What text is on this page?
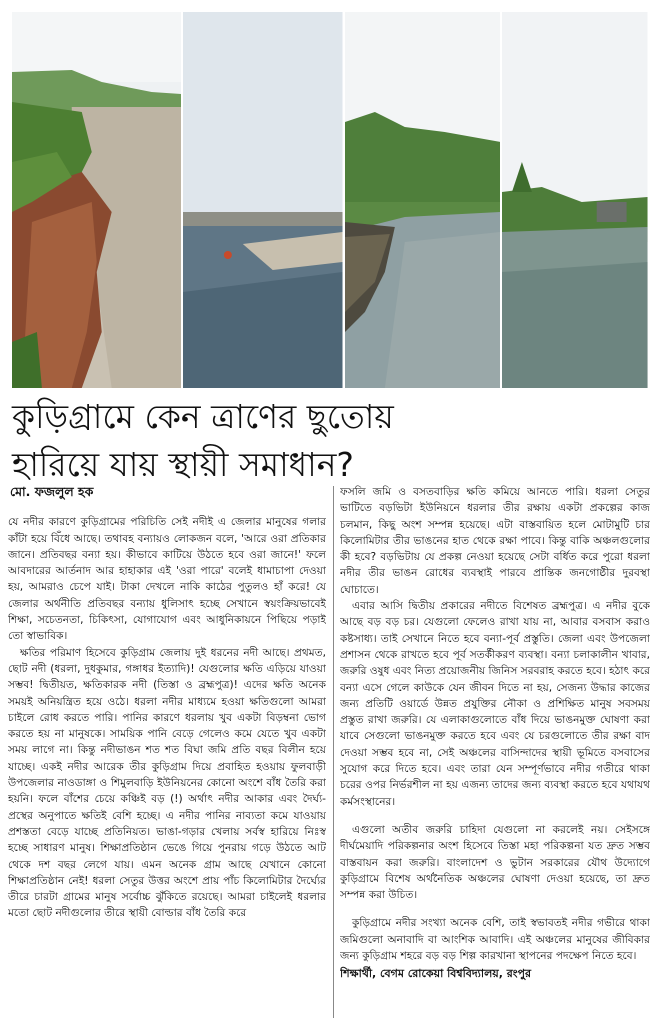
কুড়িগ্রামে কেন ত্রাণের ছুতোয়
হারিয়ে যায় স্থায়ী সমাধান?
মো. ফজলুল হক

যে নদীর কারণে কুড়িগ্রামের পরিচিতি সেই নদীই এ জেলার মানুষের গলার কাঁটা হয়ে বিঁধে আছে। তথাবহ বন্যায়ও লোকজন বলে, 'আরে ওরা প্রতিকার জানে। প্রতিবছর বন্যা হয়। কীভাবে কাটিয়ে উঠতে হবে ওরা জানে!' ফলে আবদারের আর্তনাদ আর হাহাকার এই 'ওরা পারে' বলেই ধামাচাপা দেওয়া হয়, আমরাও চেপে যাই। টাকা দেখলে নাকি কাঠের পুতুলও হাঁ করে! যে জেলার অর্থনীতি প্রতিবছর বন্যায় ধুলিসাৎ হচ্ছে সেখানে স্বয়ংক্রিয়ভাবেই শিক্ষা, সচেতনতা, চিকিৎসা, যোগাযোগ এবং আধুনিকায়নে পিছিয়ে পড়াই তো স্বাভাবিক।

ক্ষতির পরিমাণ হিসেবে কুড়িগ্রাম জেলায় দুই ধরনের নদী আছে। প্রথমত, ছোট নদী (ধরলা, দুধকুমার, গঙ্গাধর ইত্যাদি)! যেগুলোর ক্ষতি এড়িয়ে যাওয়া সম্ভব! দ্বিতীয়ত, ক্ষতিকারক নদী (তিস্তা ও ব্রহ্মপুত্র)! এদের ক্ষতি অনেক সময়ই অনিয়ন্ত্রিত হয়ে ওঠে। ধরলা নদীর মাধ্যমে হওয়া ক্ষতিগুলো আমরা চাইলে রোধ করতে পারি। পানির কারণে ধরলায় খুব একটা বিড়ম্বনা ভোগ করতে হয় না মানুষকে। সাময়িক পানি বেড়ে গেলেও কমে যেতে খুব একটা সময় লাগে না। কিন্তু নদীভাঙন শত শত বিঘা জমি প্রতি বছর বিলীন হয়ে যাচ্ছে। একই নদীর আরেক তীর কুড়িগ্রাম দিয়ে প্রবাহিত হওয়ায় ফুলবাড়ী উপজেলার নাওডাঙ্গা ও শিমুলবাড়ি ইউনিয়নের কোনো অংশে বাঁধ তৈরি করা হয়নি। ফলে বাঁশের চেয়ে কঞ্চিই বড় (!) অর্থাৎ নদীর আকার এবং দৈর্ঘ্য-প্রস্থের অনুপাতে ক্ষতিই বেশি হচ্ছে। এ নদীর পানির নাব্যতা কমে যাওয়ায় প্রশস্ততা বেড়ে যাচ্ছে প্রতিনিয়ত। ভাঙা-গড়ার খেলায় সর্বস্ব হারিয়ে নিঃস্ব হচ্ছে সাধারণ মানুষ। শিক্ষাপ্রতিষ্ঠান ভেঙে গিয়ে পুনরায় গড়ে উঠতে আট থেকে দশ বছর লেগে যায়। এমন অনেক গ্রাম আছে যেখানে কোনো শিক্ষাপ্রতিষ্ঠান নেই! ধরলা সেতুর উত্তর অংশে প্রায় পাঁচ কিলোমিটার দৈর্ঘ্যের তীরে চারটা গ্রামের মানুষ সর্বোচ্চ ঝুঁকিতে রয়েছে। আমরা চাইলেই ধরলার মতো ছোট নদীগুলোর তীরে স্থায়ী বোল্ডার বাঁধ তৈরি করে

ফসলি জমি ও বসতবাড়ির ক্ষতি কমিয়ে আনতে পারি। ধরলা সেতুর ভাটিতে বড়ভিটা ইউনিয়নে ধরলার তীর রক্ষায় একটা প্রকল্পের কাজ চলমান, কিছু অংশ সম্পন্ন হয়েছে। এটা বাস্তবায়িত হলে মোটামুটি চার কিলোমিটার তীর ভাঙনের হাত থেকে রক্ষা পাবে। কিন্তু বাকি অঞ্চলগুলোর কী হবে? বড়ভিটায় যে প্রকল্প নেওয়া হয়েছে সেটা বর্ধিত করে পুরো ধরলা নদীর তীর ভাঙন রোধের ব্যবস্থাই পারবে প্রান্তিক জনগোষ্ঠীর দুরবস্থা ঘোচাতে।

এবার আসি দ্বিতীয় প্রকারের নদীতে বিশেষত ব্রহ্মপুত্র। এ নদীর বুকে আছে বড় বড় চর। যেগুলো ফেলেও রাখা যায় না, আবার বসবাস করাও কষ্টসাধ্য। তাই সেখানে নিতে হবে বন্যা-পূর্ব প্রস্তুতি। জেলা এবং উপজেলা প্রশাসন থেকে রাখতে হবে পূর্ব সতর্কীকরণ ব্যবস্থা। বন্যা চলাকালীন খাবার, জরুরি ওষুধ এবং নিত্য প্রয়োজনীয় জিনিস সরবরাহ করতে হবে। হঠাৎ করে বন্যা এসে গেলে কাউকে যেন জীবন দিতে না হয়, সেজন্য উদ্ধার কাজের জন্য প্রতিটি ওয়ার্ডে উন্নত প্রযুক্তির নৌকা ও প্রশিক্ষিত মানুষ সবসময় প্রস্তুত রাখা জরুরি। যে এলাকাগুলোতে বাঁধ দিয়ে ভাঙনমুক্ত ঘোষণা করা যাবে সেগুলো ভাঙনমুক্ত করতে হবে এবং যে চরগুলোতে তীর রক্ষা বাদ দেওয়া সম্ভব হবে না, সেই অঞ্চলের বাসিন্দাদের স্থায়ী ভূমিতে বসবাসের সুযোগ করে দিতে হবে। এবং তারা যেন সম্পূর্ণভাবে নদীর গতীরে থাকা চরের ওপর নির্ভরশীল না হয় এজন্য তাদের জন্য ব্যবস্থা করতে হবে যথাযথ কর্মসংস্থানের।

এগুলো অতীব জরুরি চাহিদা যেগুলো না করলেই নয়। সেইসঙ্গে দীর্ঘমেয়াদি পরিকল্পনার অংশ হিসেবে তিস্তা মহা পরিকল্পনা যত দ্রুত সম্ভব বাস্তবায়ন করা জরুরি। বাংলাদেশ ও ভুটান সরকারের যৌথ উদ্যোগে কুড়িগ্রামে বিশেষ অর্থনৈতিক অঞ্চলের ঘোষণা দেওয়া হয়েছে, তা দ্রুত সম্পন্ন করা উচিত।

কুড়িগ্রামে নদীর সংখ্যা অনেক বেশি, তাই স্বভাবতই নদীর গভীরে থাকা জমিগুলো অনাবাদি বা আংশিক আবাদি। এই অঞ্চলের মানুষের জীবিকার জন্য কুড়িগ্রাম শহরে বড় বড় শিল্প কারখানা স্থাপনের পদক্ষেপ নিতে হবে।

শিক্ষার্থী, বেগম রোকেয়া বিশ্ববিদ্যালয়, রংপুর
